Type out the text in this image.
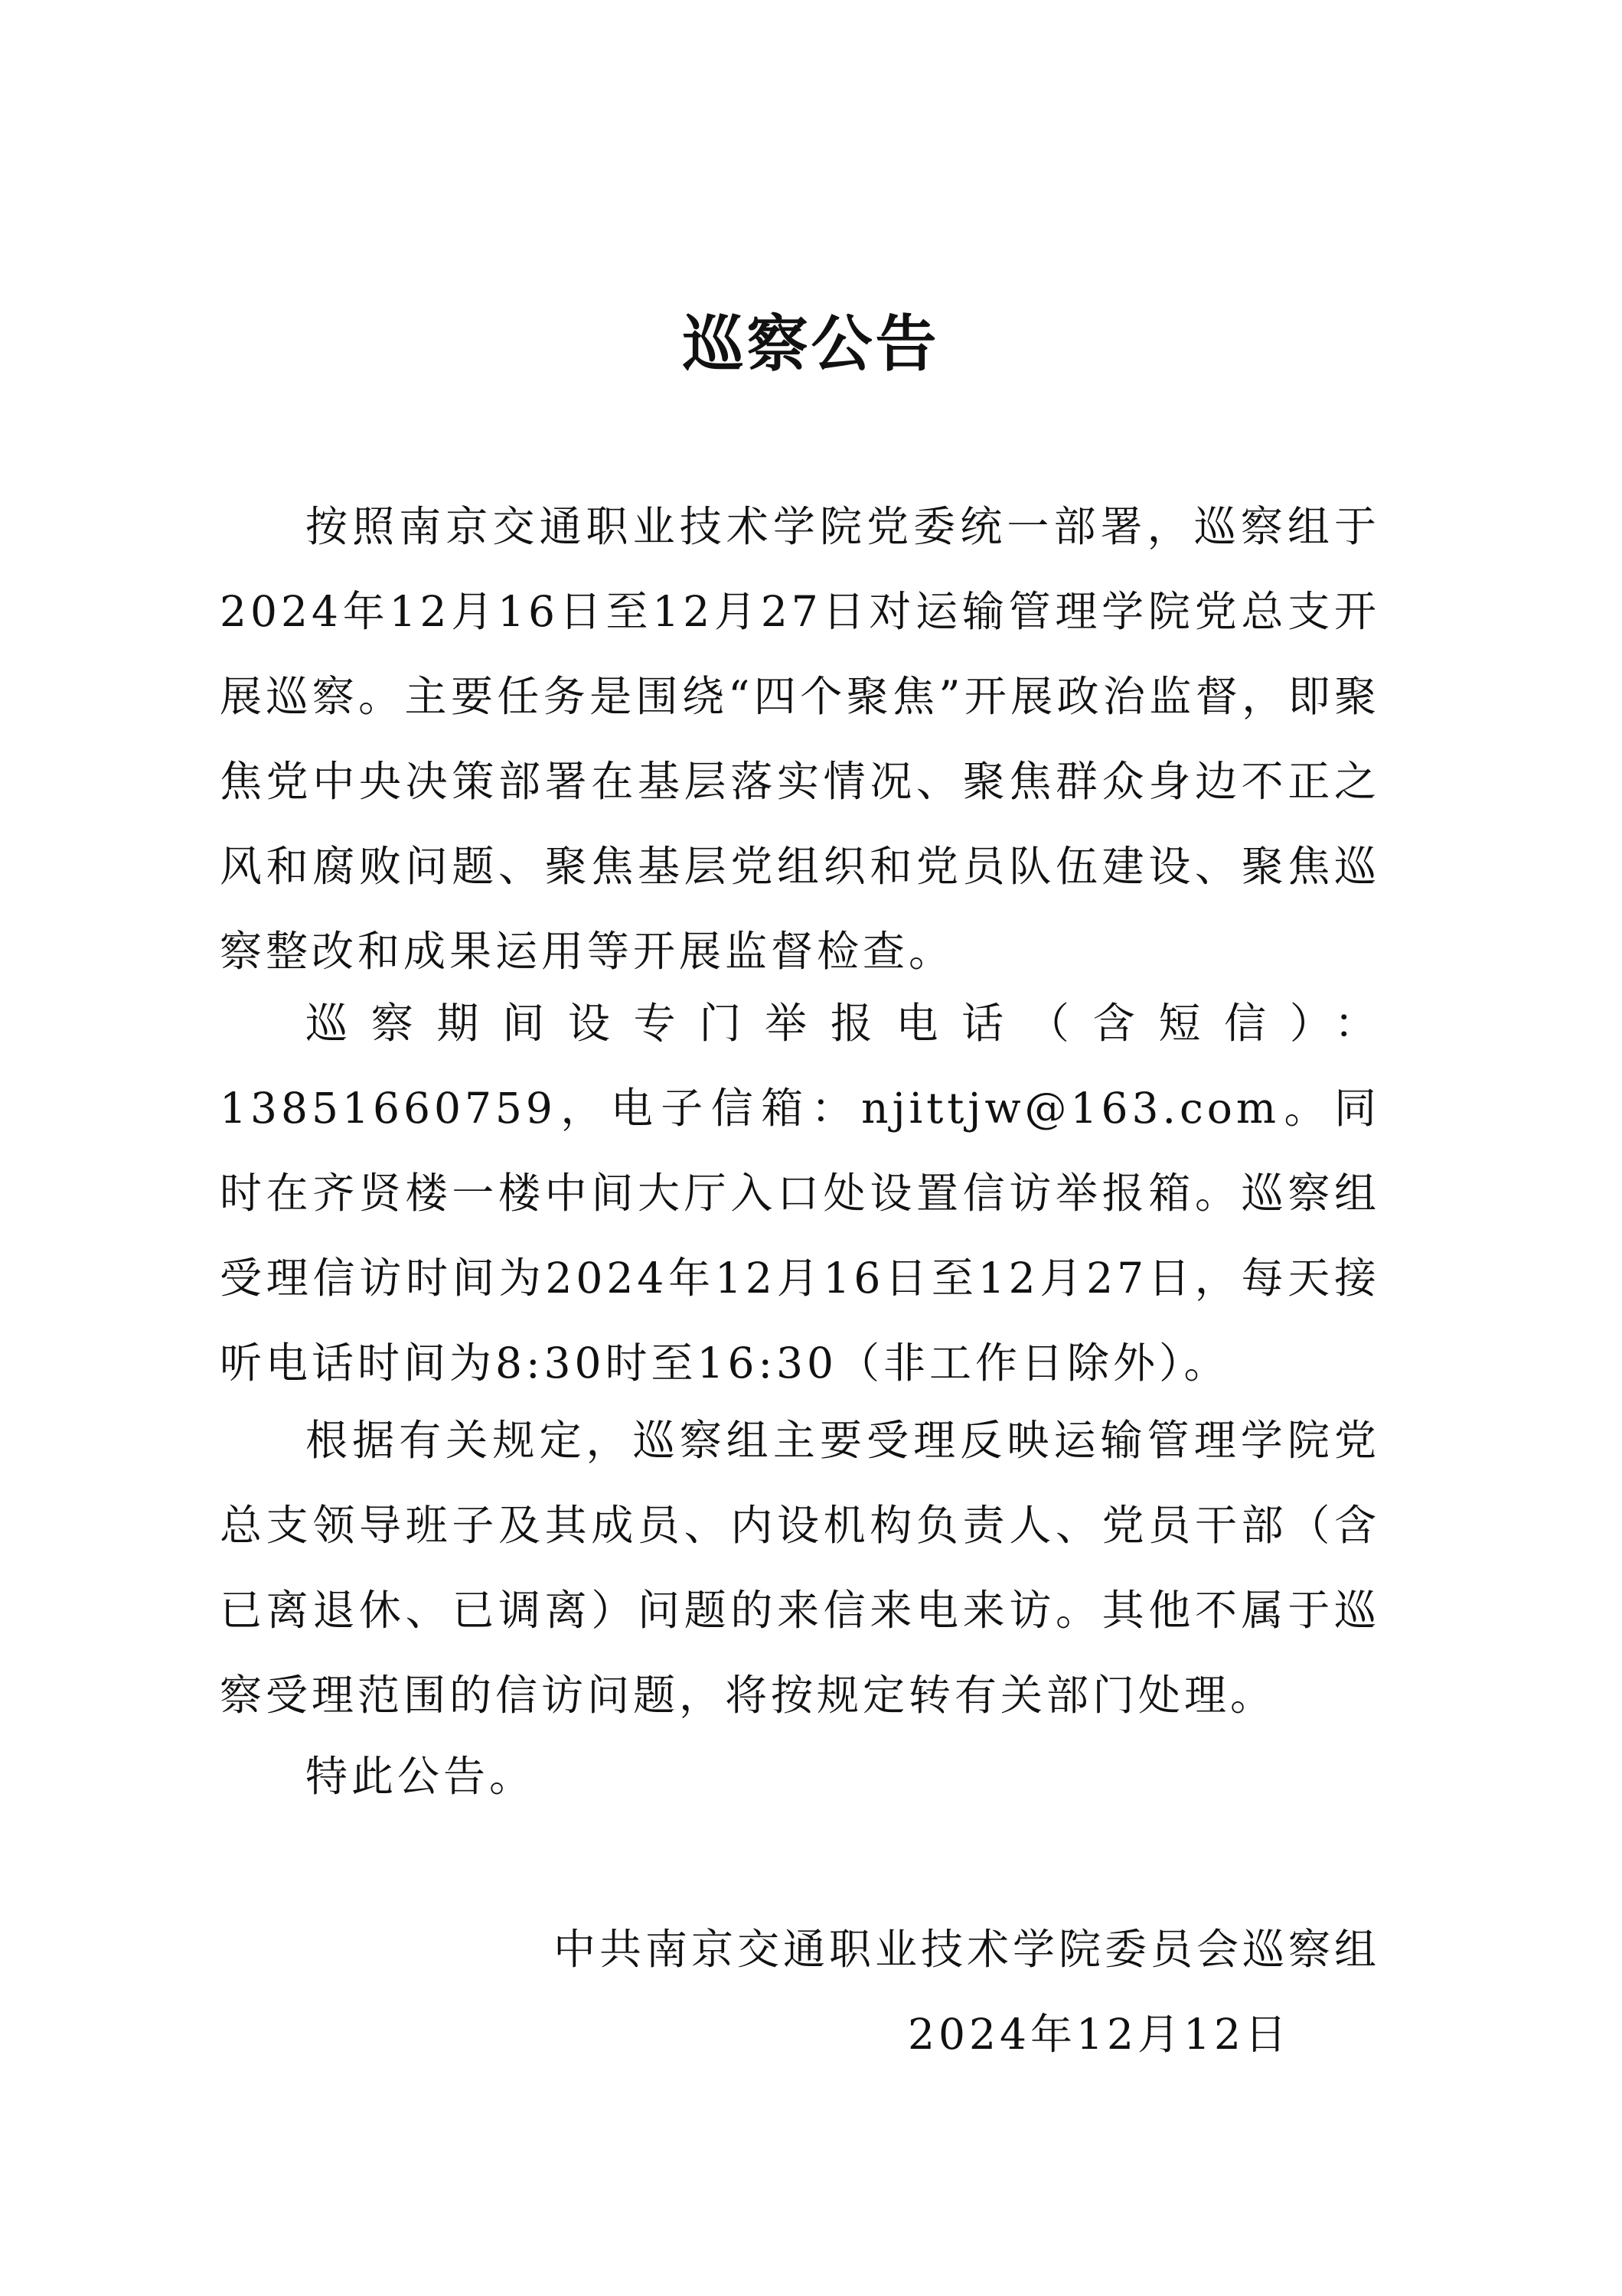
巡察公告

按照南京交通职业技术学院党委统一部署，巡察组于2024年12月16日至12月27日对运输管理学院党总支开展巡察。主要任务是围绕“四个聚焦”开展政治监督，即聚焦党中央决策部署在基层落实情况、聚焦群众身边不正之风和腐败问题、聚焦基层党组织和党员队伍建设、聚焦巡察整改和成果运用等开展监督检查。

巡察期间设专门举报电话（含短信）：13851660759，电子信箱：njittjw@163.com。同时在齐贤楼一楼中间大厅入口处设置信访举报箱。巡察组受理信访时间为2024年12月16日至12月27日，每天接听电话时间为8:30时至16:30（非工作日除外）。

根据有关规定，巡察组主要受理反映运输管理学院党总支领导班子及其成员、内设机构负责人、党员干部（含已离退休、已调离）问题的来信来电来访。其他不属于巡察受理范围的信访问题，将按规定转有关部门处理。

特此公告。

中共南京交通职业技术学院委员会巡察组
2024年12月12日
